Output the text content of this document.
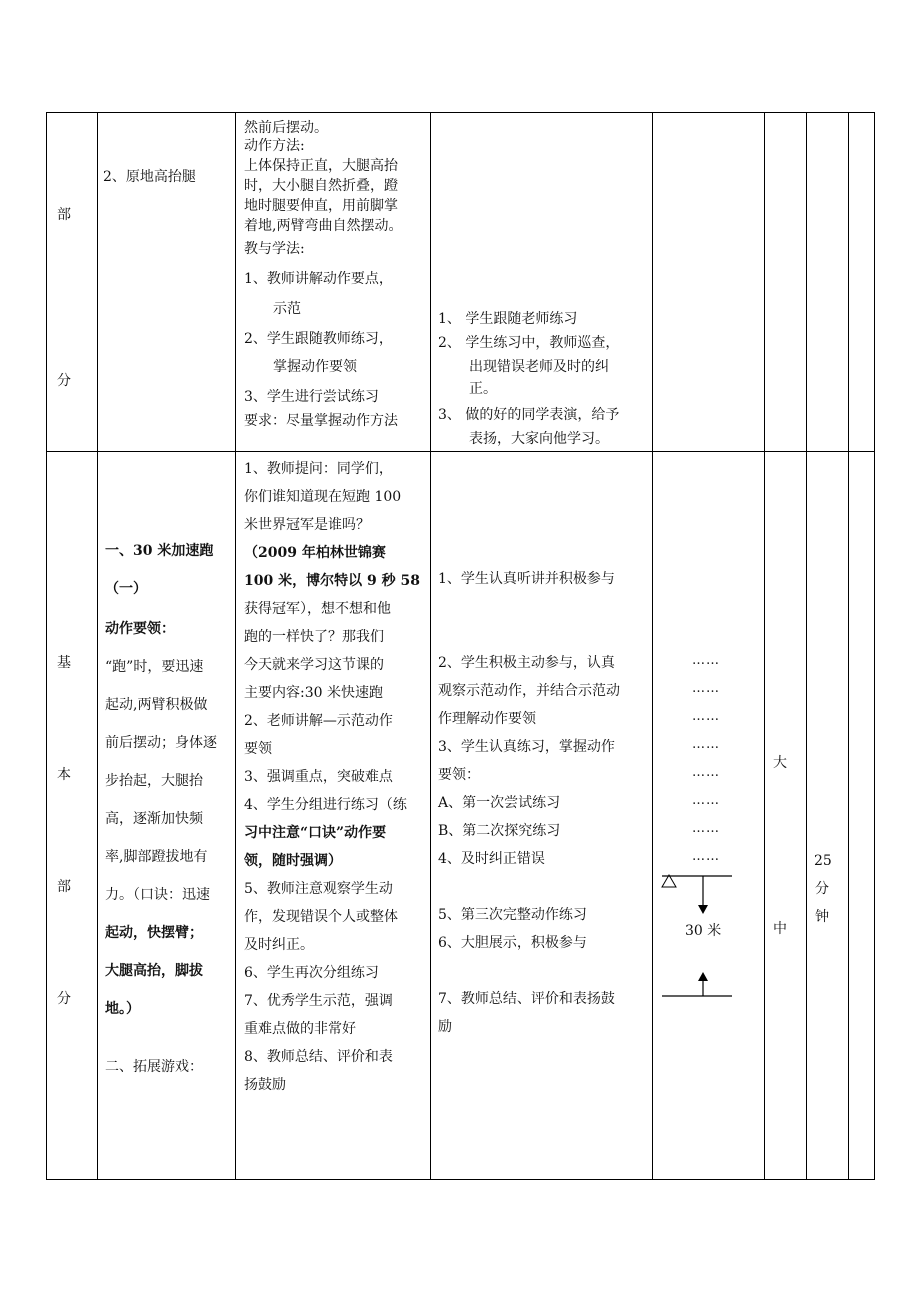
部
分
2、原地高抬腿
然前后摆动。
动作方法:
上体保持正直，大腿高抬
时，大小腿自然折叠，蹬
地时腿要伸直，用前脚掌
着地,两臂弯曲自然摆动。
教与学法:
1、教师讲解动作要点，
示范
2、学生跟随教师练习，
掌握动作要领
3、学生进行尝试练习
要求：尽量掌握动作方法
1、 学生跟随老师练习
2、 学生练习中，教师巡查，
出现错误老师及时的纠
正。
3、 做的好的同学表演，给予
表扬，大家向他学习。
基
本
部
分
一、30 米加速跑
（一）
动作要领：
“跑”时，要迅速
起动,两臂积极做
前后摆动；身体逐
步抬起，大腿抬
高，逐渐加快频
率,脚部蹬拔地有
力。（口诀：迅速
起动，快摆臂；
大腿高抬，脚拔
地。）
二、拓展游戏：
1、教师提问：同学们，
你们谁知道现在短跑 100
米世界冠军是谁吗？
（2009 年柏林世锦赛
100 米，博尔特以 9 秒 58
获得冠军），想不想和他
跑的一样快了？那我们
今天就来学习这节课的
主要内容:30 米快速跑
2、老师讲解—示范动作
要领
3、强调重点，突破难点
4、学生分组进行练习（练
习中注意“口诀”动作要
领，随时强调）
5、教师注意观察学生动
作，发现错误个人或整体
及时纠正。
6、学生再次分组练习
7、优秀学生示范，强调
重难点做的非常好
8、教师总结、评价和表
扬鼓励
1、学生认真听讲并积极参与
2、学生积极主动参与，认真
观察示范动作，并结合示范动
作理解动作要领
3、学生认真练习，掌握动作
要领：
A、第一次尝试练习
B、第二次探究练习
4、及时纠正错误
5、第三次完整动作练习
6、大胆展示，积极参与
7、教师总结、评价和表扬鼓
励
……
……
……
……
……
……
……
……
30 米
大
中
25
分
钟
